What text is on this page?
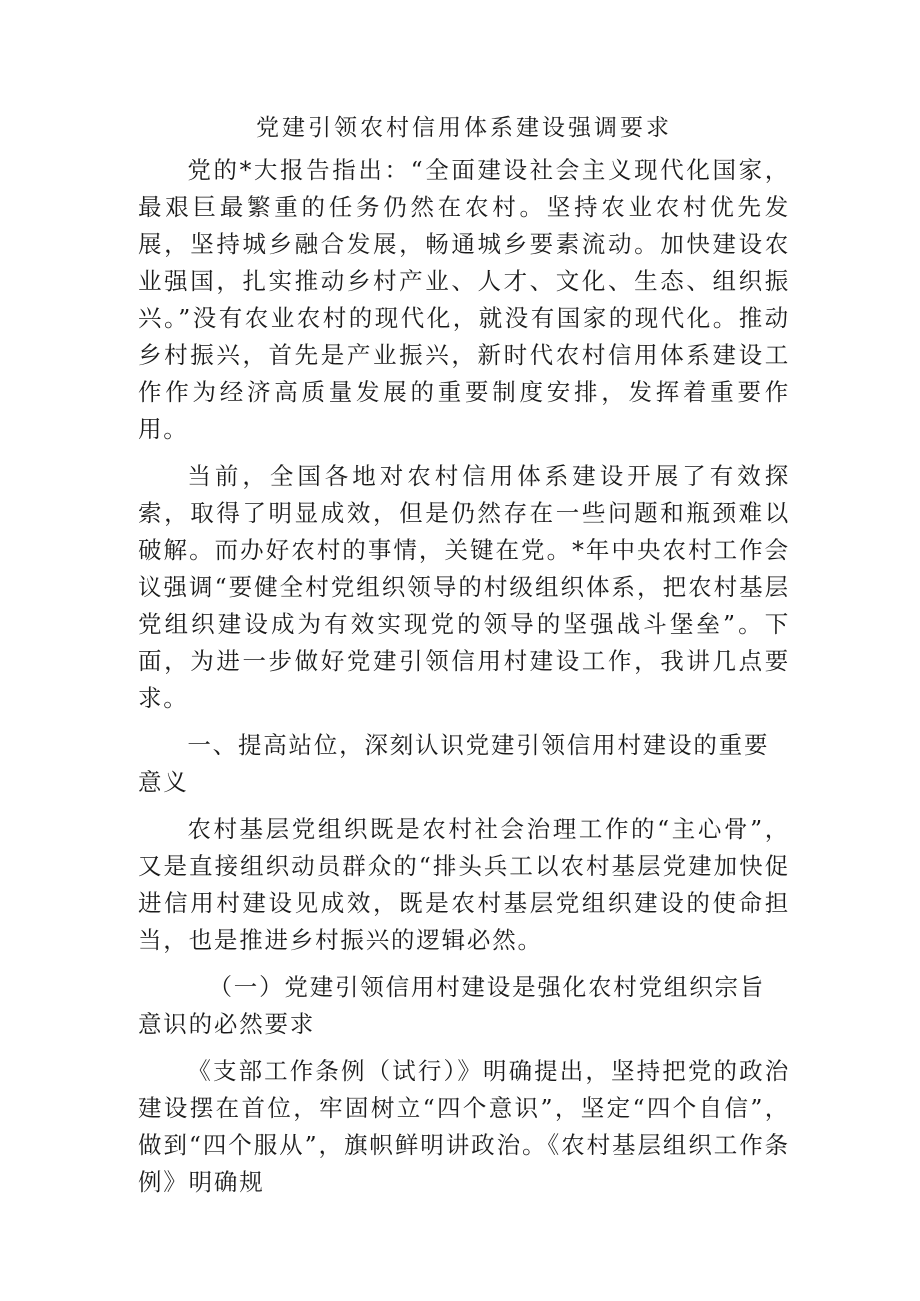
党建引领农村信用体系建设强调要求

党的*大报告指出：“全面建设社会主义现代化国家，最艰巨最繁重的任务仍然在农村。坚持农业农村优先发展，坚持城乡融合发展，畅通城乡要素流动。加快建设农业强国，扎实推动乡村产业、人才、文化、生态、组织振兴。”没有农业农村的现代化，就没有国家的现代化。推动乡村振兴，首先是产业振兴，新时代农村信用体系建设工作作为经济高质量发展的重要制度安排，发挥着重要作用。

当前，全国各地对农村信用体系建设开展了有效探索，取得了明显成效，但是仍然存在一些问题和瓶颈难以破解。而办好农村的事情，关键在党。*年中央农村工作会议强调“要健全村党组织领导的村级组织体系，把农村基层党组织建设成为有效实现党的领导的坚强战斗堡垒”。下面，为进一步做好党建引领信用村建设工作，我讲几点要求。

一、提高站位，深刻认识党建引领信用村建设的重要意义

农村基层党组织既是农村社会治理工作的“主心骨”，又是直接组织动员群众的“排头兵工以农村基层党建加快促进信用村建设见成效，既是农村基层党组织建设的使命担当，也是推进乡村振兴的逻辑必然。

（一）党建引领信用村建设是强化农村党组织宗旨意识的必然要求

《支部工作条例（试行）》明确提出，坚持把党的政治建设摆在首位，牢固树立“四个意识”，坚定“四个自信”，做到“四个服从”，旗帜鲜明讲政治。《农村基层组织工作条例》明确规
